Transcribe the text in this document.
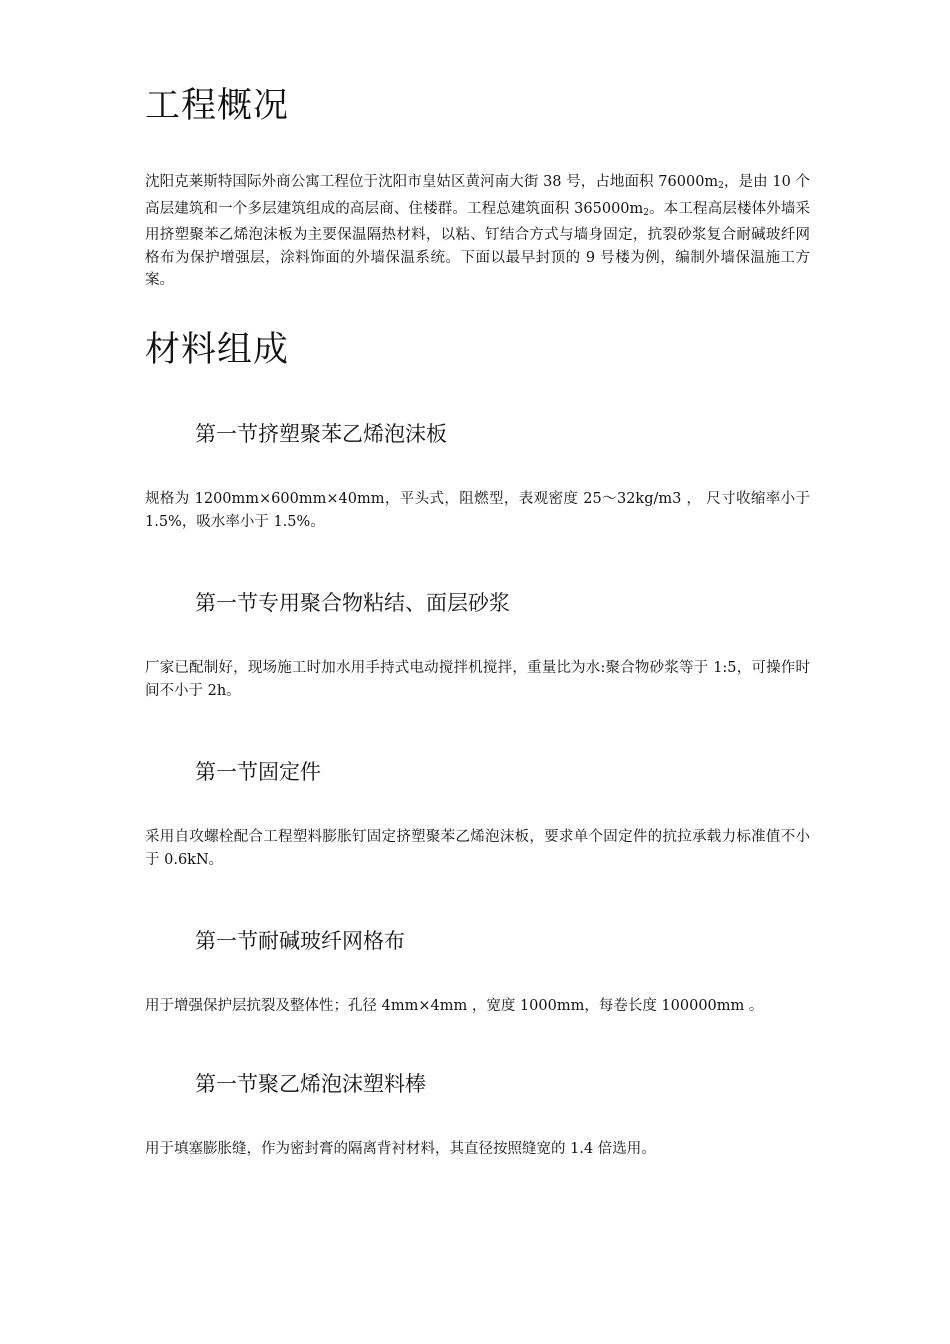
工程概况

沈阳克莱斯特国际外商公寓工程位于沈阳市皇姑区黄河南大街 38 号，占地面积 $76000m_2$，是由 10 个高层建筑和一个多层建筑组成的高层商、住楼群。工程总建筑面积 $365000m_2$。本工程高层楼体外墙采用挤塑聚苯乙烯泡沫板为主要保温隔热材料，以粘、钉结合方式与墙身固定，抗裂砂浆复合耐碱玻纤网格布为保护增强层，涂料饰面的外墙保温系统。下面以最早封顶的 9 号楼为例，编制外墙保温施工方案。

材料组成
第一节挤塑聚苯乙烯泡沫板

规格为 1200mm×600mm×40mm，平头式，阻燃型，表观密度 25～32kg/m3 ， 尺寸收缩率小于 1.5%，吸水率小于 1.5%。

第一节专用聚合物粘结、面层砂浆

厂家已配制好，现场施工时加水用手持式电动搅拌机搅拌，重量比为水:聚合物砂浆等于 1:5，可操作时间不小于 2h。

第一节固定件

采用自攻螺栓配合工程塑料膨胀钉固定挤塑聚苯乙烯泡沫板，要求单个固定件的抗拉承载力标准值不小于 0.6kN。

第一节耐碱玻纤网格布

用于增强保护层抗裂及整体性；孔径 4mm×4mm ，宽度 1000mm，每卷长度 100000mm 。

第一节聚乙烯泡沫塑料棒

用于填塞膨胀缝，作为密封膏的隔离背衬材料，其直径按照缝宽的 1.4 倍选用。
